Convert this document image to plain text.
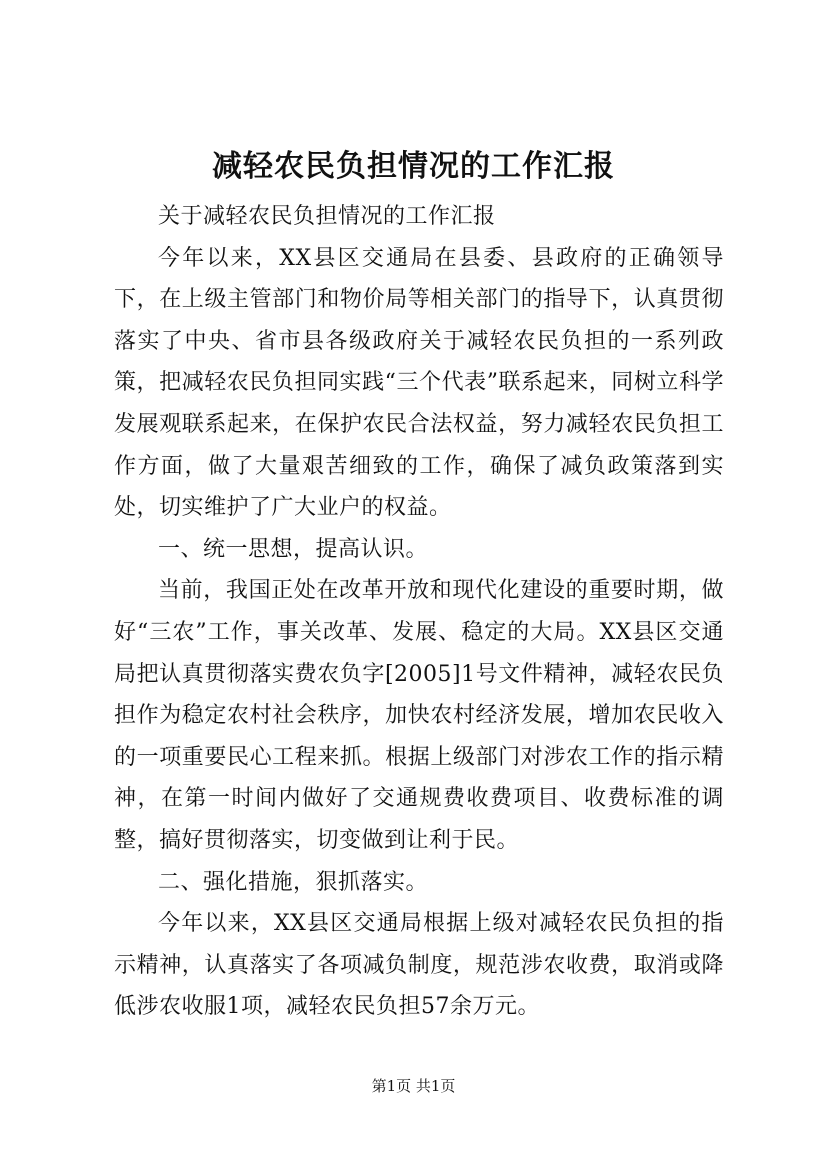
减轻农民负担情况的工作汇报

关于减轻农民负担情况的工作汇报

今年以来，XX县区交通局在县委、县政府的正确领导下，在上级主管部门和物价局等相关部门的指导下，认真贯彻落实了中央、省市县各级政府关于减轻农民负担的一系列政策，把减轻农民负担同实践“三个代表”联系起来，同树立科学发展观联系起来，在保护农民合法权益，努力减轻农民负担工作方面，做了大量艰苦细致的工作，确保了减负政策落到实处，切实维护了广大业户的权益。

一、统一思想，提高认识。

当前，我国正处在改革开放和现代化建设的重要时期，做好“三农”工作，事关改革、发展、稳定的大局。XX县区交通局把认真贯彻落实费农负字[2005]1号文件精神，减轻农民负担作为稳定农村社会秩序，加快农村经济发展，增加农民收入的一项重要民心工程来抓。根据上级部门对涉农工作的指示精神，在第一时间内做好了交通规费收费项目、收费标准的调整，搞好贯彻落实，切变做到让利于民。

二、强化措施，狠抓落实。

今年以来，XX县区交通局根据上级对减轻农民负担的指示精神，认真落实了各项减负制度，规范涉农收费，取消或降低涉农收服1项，减轻农民负担57余万元。

第1页 共1页
